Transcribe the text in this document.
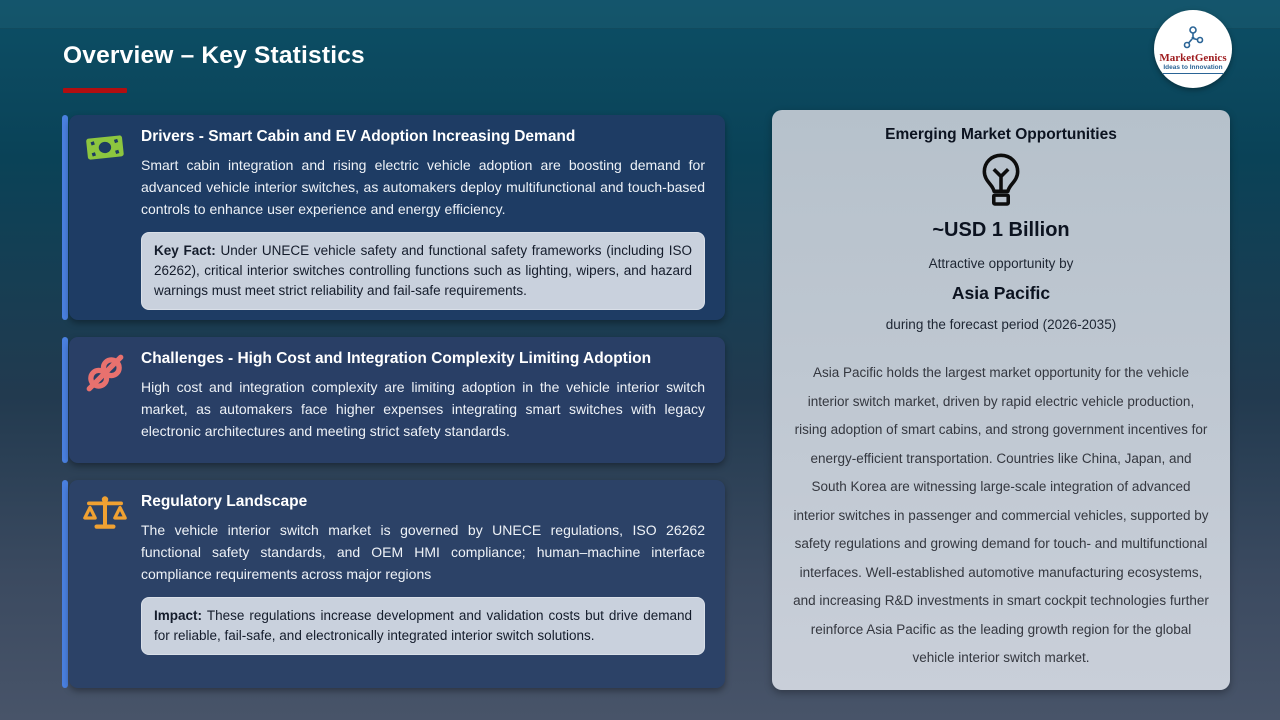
Overview – Key Statistics	MarketGenics
Ideas to Innovation
Drivers - Smart Cabin and EV Adoption Increasing Demand

Smart cabin integration and rising electric vehicle adoption are boosting demand for advanced vehicle interior switches, as automakers deploy multifunctional and touch-based controls to enhance user experience and energy efficiency.

Key Fact: Under UNECE vehicle safety and functional safety frameworks (including ISO 26262), critical interior switches controlling functions such as lighting, wipers, and hazard warnings must meet strict reliability and fail-safe requirements.
Challenges - High Cost and Integration Complexity Limiting Adoption

High cost and integration complexity are limiting adoption in the vehicle interior switch market, as automakers face higher expenses integrating smart switches with legacy electronic architectures and meeting strict safety standards.

Regulatory Landscape

The vehicle interior switch market is governed by UNECE regulations, ISO 26262 functional safety standards, and OEM HMI compliance; human–machine interface compliance requirements across major regions

Impact: These regulations increase development and validation costs but drive demand for reliable, fail-safe, and electronically integrated interior switch solutions.
Emerging Market Opportunities
~USD 1 Billion
Attractive opportunity by
Asia Pacific
during the forecast period (2026-2035)

Asia Pacific holds the largest market opportunity for the vehicle interior switch market, driven by rapid electric vehicle production, rising adoption of smart cabins, and strong government incentives for energy-efficient transportation. Countries like China, Japan, and South Korea are witnessing large-scale integration of advanced interior switches in passenger and commercial vehicles, supported by safety regulations and growing demand for touch- and multifunctional interfaces. Well-established automotive manufacturing ecosystems, and increasing R&D investments in smart cockpit technologies further reinforce Asia Pacific as the leading growth region for the global vehicle interior switch market.
